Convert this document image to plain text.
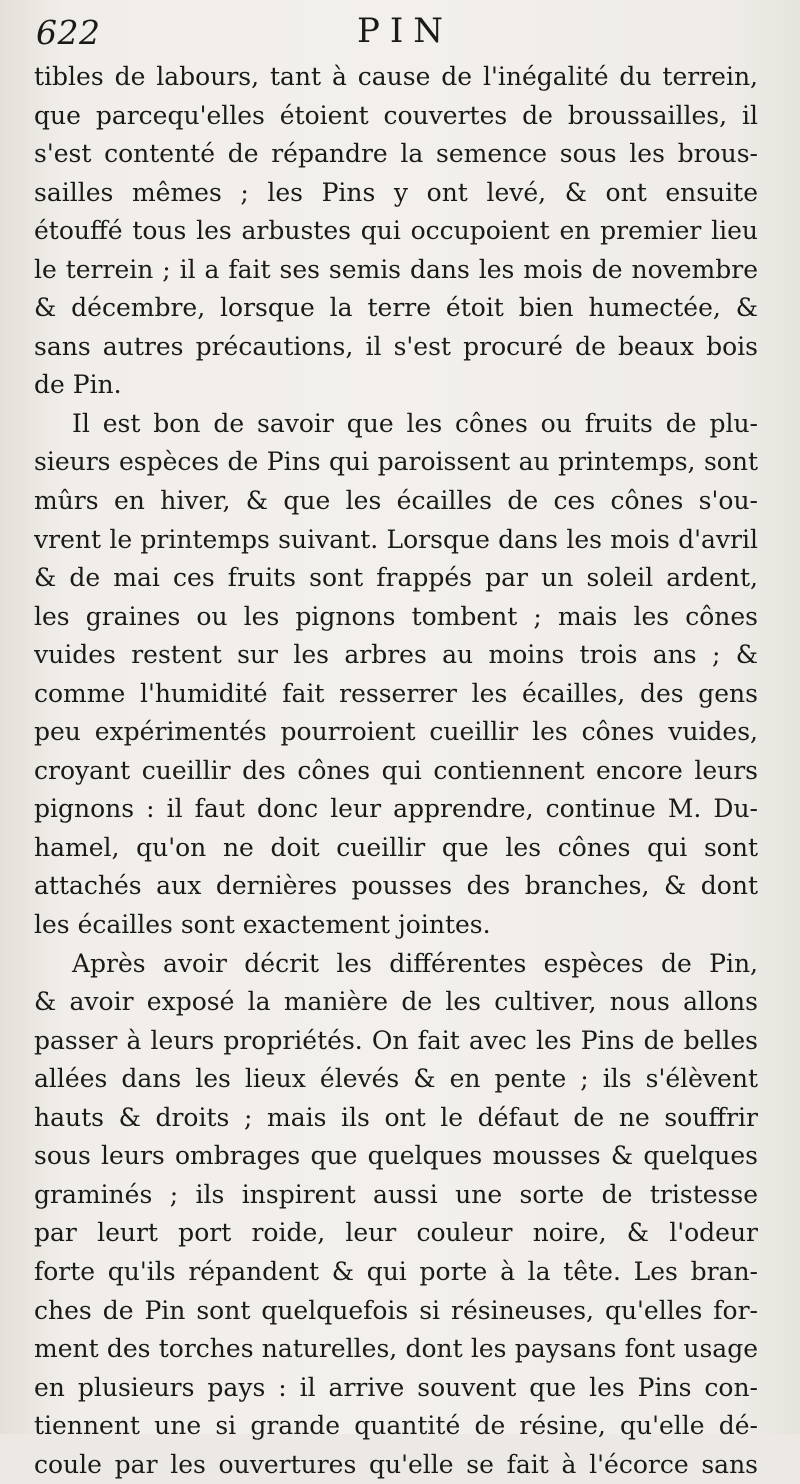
622	PIN
tibles de labours, tant à cause de l'inégalité du terrein,
que parcequ'elles étoient couvertes de broussailles, il
s'est contenté de répandre la semence sous les brous-
sailles mêmes ; les Pins y ont levé, & ont ensuite
étouffé tous les arbustes qui occupoient en premier lieu
le terrein ; il a fait ses semis dans les mois de novembre
& décembre, lorsque la terre étoit bien humectée, &
sans autres précautions, il s'est procuré de beaux bois
de Pin.
Il est bon de savoir que les cônes ou fruits de plu-
sieurs espèces de Pins qui paroissent au printemps, sont
mûrs en hiver, & que les écailles de ces cônes s'ou-
vrent le printemps suivant. Lorsque dans les mois d'avril
& de mai ces fruits sont frappés par un soleil ardent,
les graines ou les pignons tombent ; mais les cônes
vuides restent sur les arbres au moins trois ans ; &
comme l'humidité fait resserrer les écailles, des gens
peu expérimentés pourroient cueillir les cônes vuides,
croyant cueillir des cônes qui contiennent encore leurs
pignons : il faut donc leur apprendre, continue M. Du-
hamel, qu'on ne doit cueillir que les cônes qui sont
attachés aux dernières pousses des branches, & dont
les écailles sont exactement jointes.
Après avoir décrit les différentes espèces de Pin,
& avoir exposé la manière de les cultiver, nous allons
passer à leurs propriétés. On fait avec les Pins de belles
allées dans les lieux élevés & en pente ; ils s'élèvent
hauts & droits ; mais ils ont le défaut de ne souffrir
sous leurs ombrages que quelques mousses & quelques
graminés ; ils inspirent aussi une sorte de tristesse
par leurt port roide, leur couleur noire, & l'odeur
forte qu'ils répandent & qui porte à la tête. Les bran-
ches de Pin sont quelquefois si résineuses, qu'elles for-
ment des torches naturelles, dont les paysans font usage
en plusieurs pays : il arrive souvent que les Pins con-
tiennent une si grande quantité de résine, qu'elle dé-
coule par les ouvertures qu'elle se fait à l'écorce sans
